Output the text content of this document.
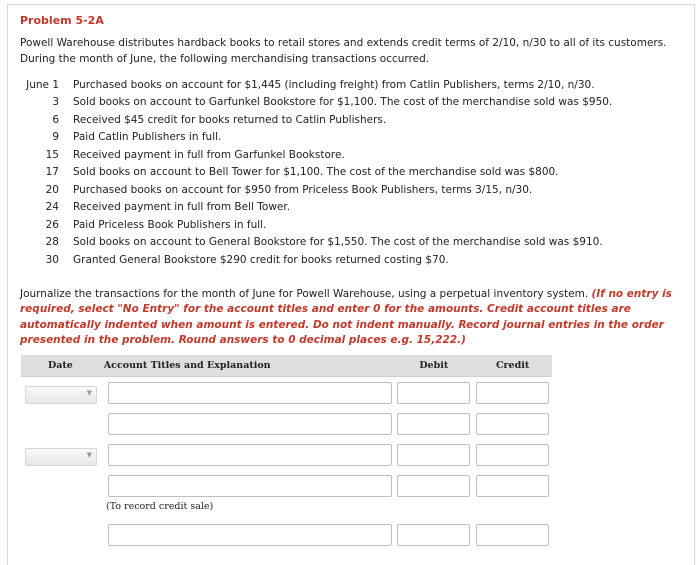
Problem 5-2A

Powell Warehouse distributes hardback books to retail stores and extends credit terms of 2/10, n/30 to all of its customers. During the month of June, the following merchandising transactions occurred.
June 1	Purchased books on account for $1,445 (including freight) from Catlin Publishers, terms 2/10, n/30.
3	Sold books on account to Garfunkel Bookstore for $1,100. The cost of the merchandise sold was $950.
6	Received $45 credit for books returned to Catlin Publishers.
9	Paid Catlin Publishers in full.
15	Received payment in full from Garfunkel Bookstore.
17	Sold books on account to Bell Tower for $1,100. The cost of the merchandise sold was $800.
20	Purchased books on account for $950 from Priceless Book Publishers, terms 3/15, n/30.
24	Received payment in full from Bell Tower.
26	Paid Priceless Book Publishers in full.
28	Sold books on account to General Bookstore for $1,550. The cost of the merchandise sold was $910.
30	Granted General Bookstore $290 credit for books returned costing $70.
Journalize the transactions for the month of June for Powell Warehouse, using a perpetual inventory system. (If no entry is required, select "No Entry" for the account titles and enter 0 for the amounts. Credit account titles are automatically indented when amount is entered. Do not indent manually. Record journal entries in the order presented in the problem. Round answers to 0 decimal places e.g. 15,222.)
Date	Account Titles and Explanation	Debit	Credit
▼
▼
(To record credit sale)
